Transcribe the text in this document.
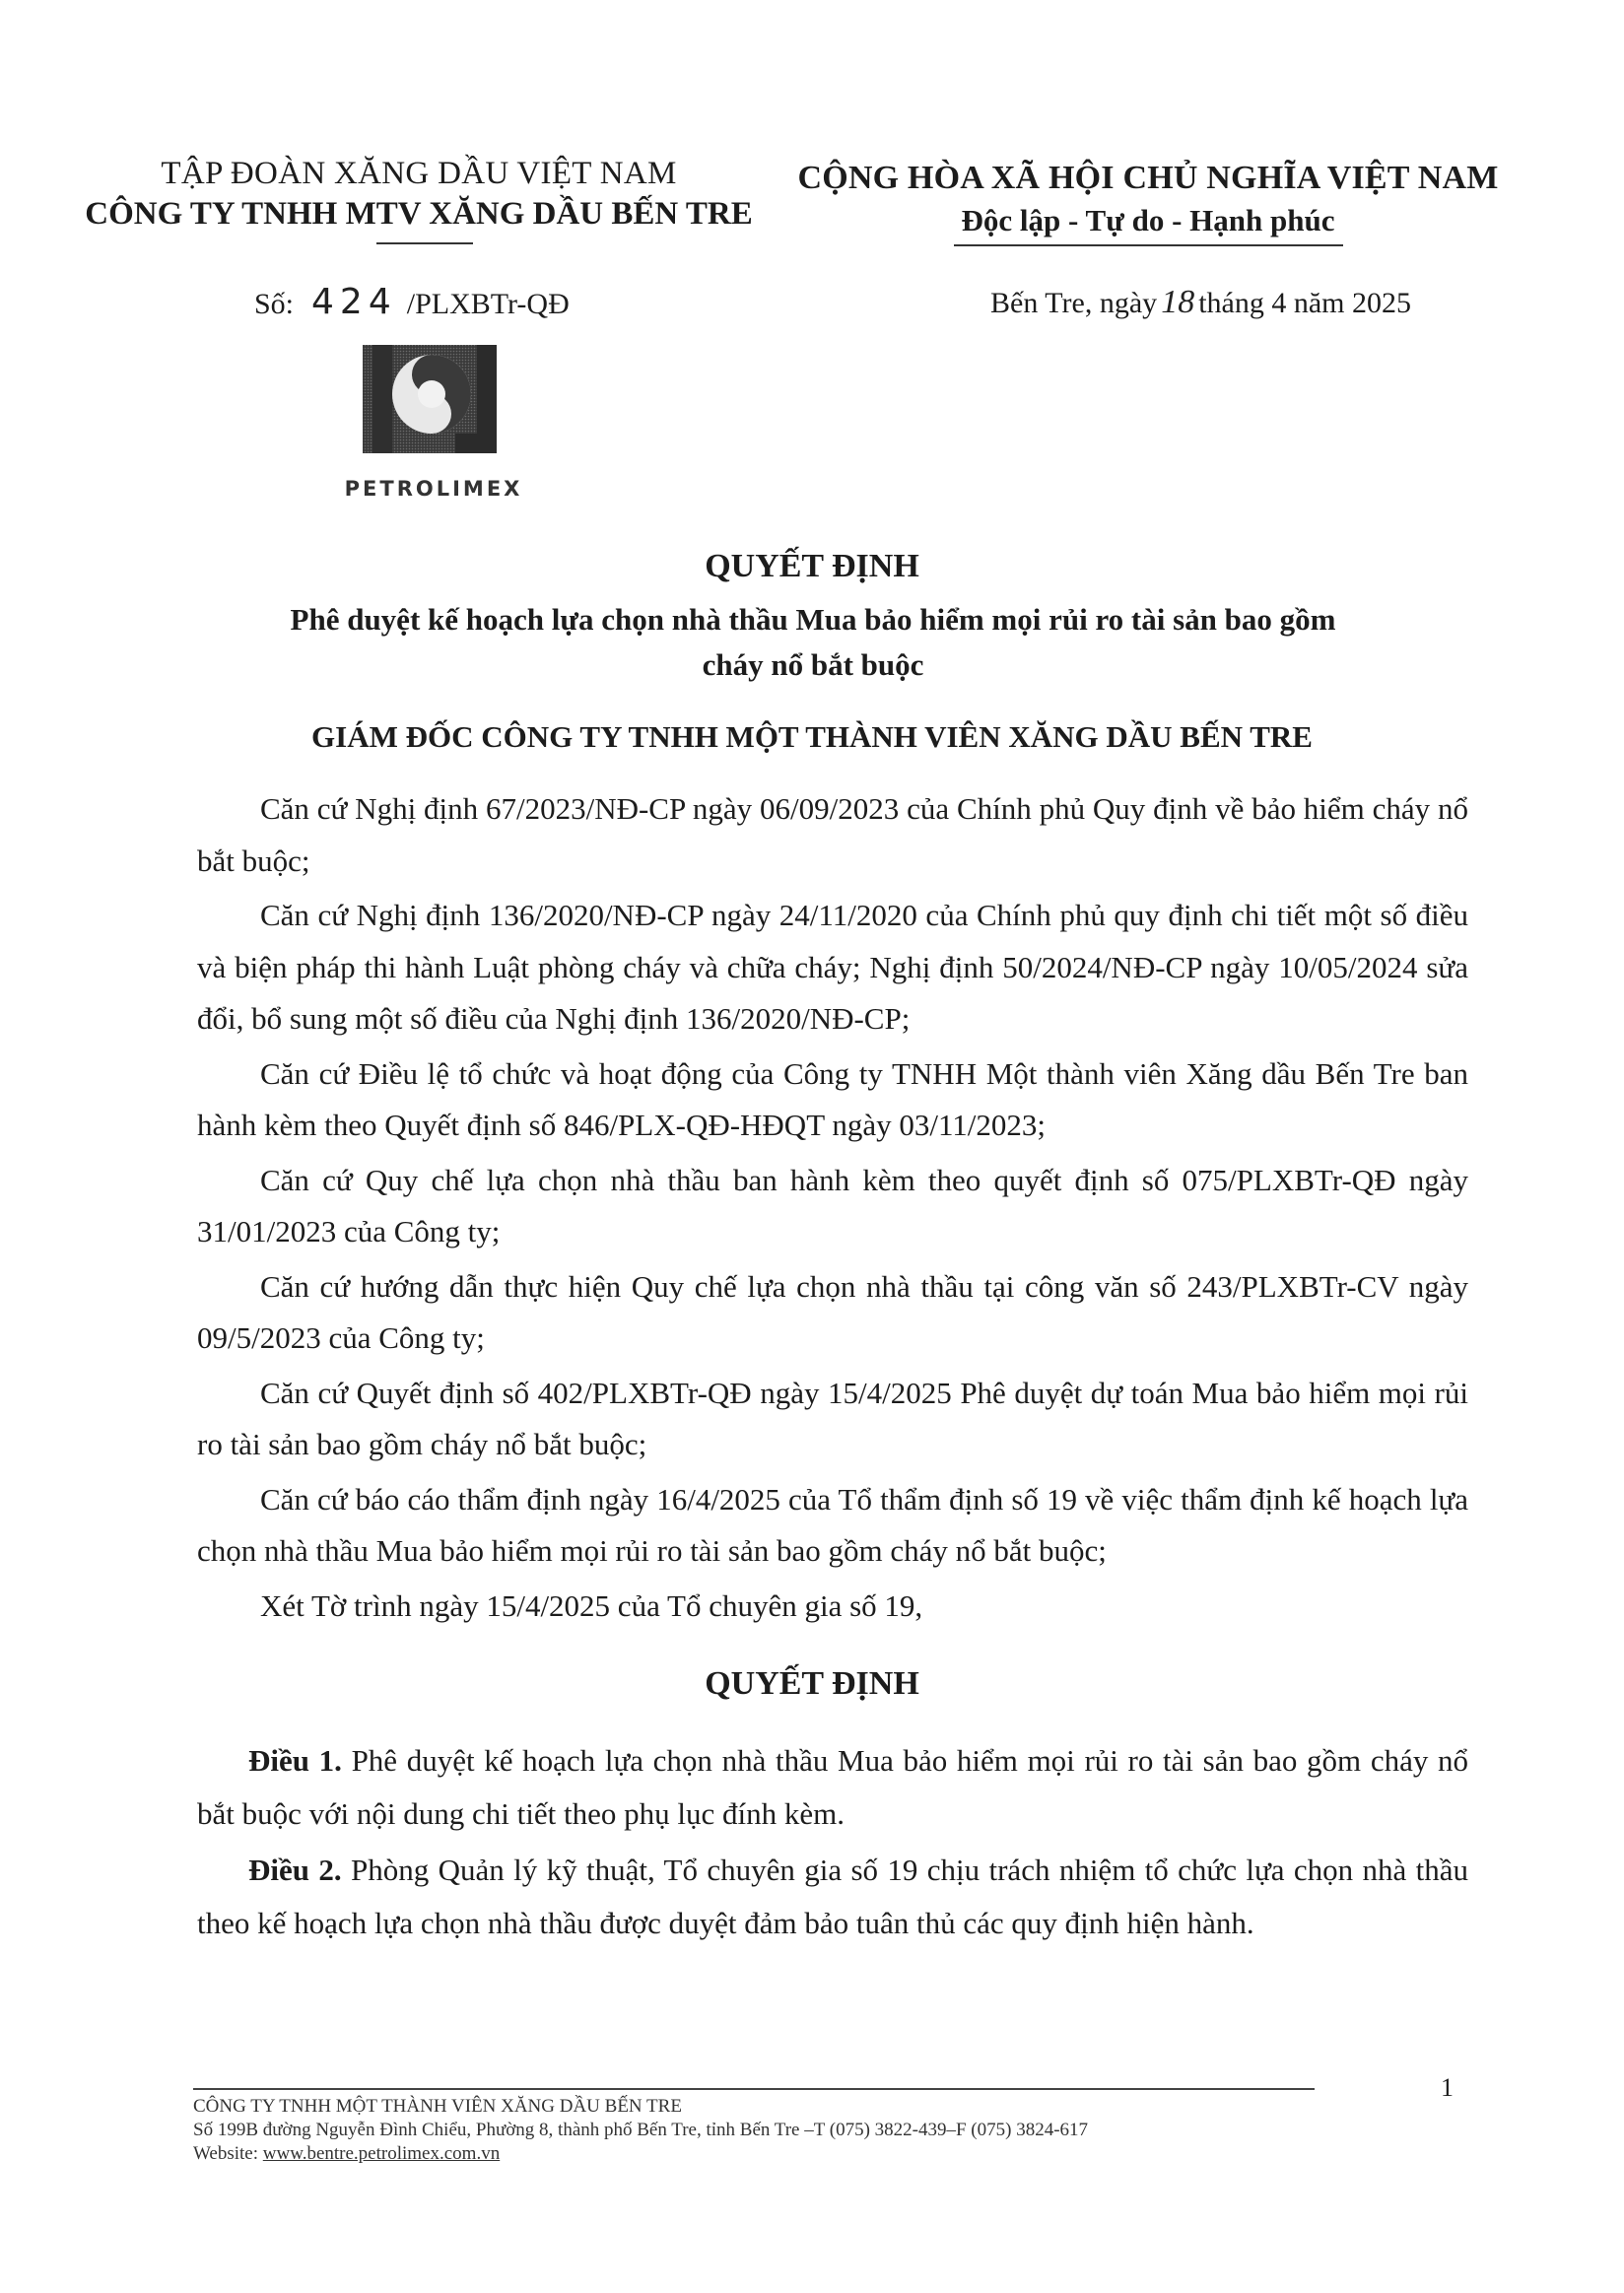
TẬP ĐOÀN XĂNG DẦU VIỆT NAM
CÔNG TY TNHH MTV XĂNG DẦU BẾN TRE
CỘNG HÒA XÃ HỘI CHỦ NGHĨA VIỆT NAM
Độc lập - Tự do - Hạnh phúc
Số: 424 /PLXBTr-QĐ	Bến Tre, ngày 18 tháng 4 năm 2025
PETROLIMEX
QUYẾT ĐỊNH
Phê duyệt kế hoạch lựa chọn nhà thầu Mua bảo hiểm mọi rủi ro tài sản bao gồm
cháy nổ bắt buộc
GIÁM ĐỐC CÔNG TY TNHH MỘT THÀNH VIÊN XĂNG DẦU BẾN TRE

Căn cứ Nghị định 67/2023/NĐ-CP ngày 06/09/2023 của Chính phủ Quy định về bảo hiểm cháy nổ bắt buộc;

Căn cứ Nghị định 136/2020/NĐ-CP ngày 24/11/2020 của Chính phủ quy định chi tiết một số điều và biện pháp thi hành Luật phòng cháy và chữa cháy; Nghị định 50/2024/NĐ-CP ngày 10/05/2024 sửa đổi, bổ sung một số điều của Nghị định 136/2020/NĐ-CP;

Căn cứ Điều lệ tổ chức và hoạt động của Công ty TNHH Một thành viên Xăng dầu Bến Tre ban hành kèm theo Quyết định số 846/PLX-QĐ-HĐQT ngày 03/11/2023;

Căn cứ Quy chế lựa chọn nhà thầu ban hành kèm theo quyết định số 075/PLXBTr-QĐ ngày 31/01/2023 của Công ty;

Căn cứ hướng dẫn thực hiện Quy chế lựa chọn nhà thầu tại công văn số 243/PLXBTr-CV ngày 09/5/2023 của Công ty;

Căn cứ Quyết định số 402/PLXBTr-QĐ ngày 15/4/2025 Phê duyệt dự toán Mua bảo hiểm mọi rủi ro tài sản bao gồm cháy nổ bắt buộc;

Căn cứ báo cáo thẩm định ngày 16/4/2025 của Tổ thẩm định số 19 về việc thẩm định kế hoạch lựa chọn nhà thầu Mua bảo hiểm mọi rủi ro tài sản bao gồm cháy nổ bắt buộc;

Xét Tờ trình ngày 15/4/2025 của Tổ chuyên gia số 19,

QUYẾT ĐỊNH

Điều 1. Phê duyệt kế hoạch lựa chọn nhà thầu Mua bảo hiểm mọi rủi ro tài sản bao gồm cháy nổ bắt buộc với nội dung chi tiết theo phụ lục đính kèm.

Điều 2. Phòng Quản lý kỹ thuật, Tổ chuyên gia số 19 chịu trách nhiệm tổ chức lựa chọn nhà thầu theo kế hoạch lựa chọn nhà thầu được duyệt đảm bảo tuân thủ các quy định hiện hành.

1
CÔNG TY TNHH MỘT THÀNH VIÊN XĂNG DẦU BẾN TRE
Số 199B đường Nguyễn Đình Chiểu, Phường 8, thành phố Bến Tre, tỉnh Bến Tre –T (075) 3822-439–F (075) 3824-617
Website: www.bentre.petrolimex.com.vn
